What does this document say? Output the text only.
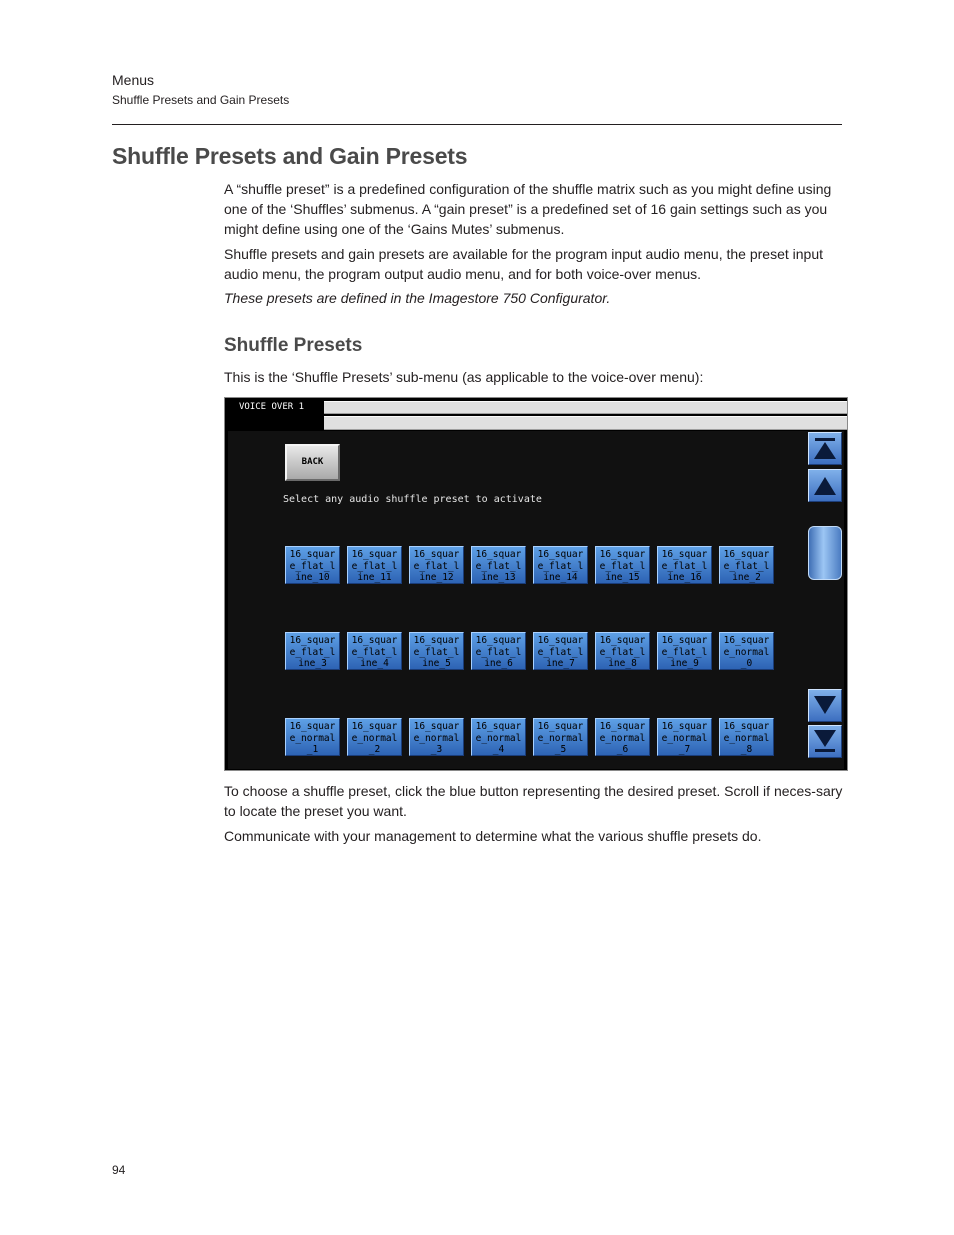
Menus
Shuffle Presets and Gain Presets
Shuffle Presets and Gain Presets

A “shuffle preset” is a predefined configuration of the shuffle matrix such as you might define using one of the ‘Shuffles’ submenus. A “gain preset” is a predefined set of 16 gain settings such as you might define using one of the ‘Gains Mutes’ submenus.

Shuffle presets and gain presets are available for the program input audio menu, the preset input audio menu, the program output audio menu, and for both voice-over menus.

These presets are defined in the Imagestore 750 Configurator.

Shuffle Presets

This is the ‘Shuffle Presets’ sub-menu (as applicable to the voice-over menu):

VOICE OVER 1
BACK
Select any audio shuffle preset to activate
16_squar
e_flat_l
ine_10
16_squar
e_flat_l
ine_11
16_squar
e_flat_l
ine_12
16_squar
e_flat_l
ine_13
16_squar
e_flat_l
ine_14
16_squar
e_flat_l
ine_15
16_squar
e_flat_l
ine_16
16_squar
e_flat_l
ine_2
16_squar
e_flat_l
ine_3
16_squar
e_flat_l
ine_4
16_squar
e_flat_l
ine_5
16_squar
e_flat_l
ine_6
16_squar
e_flat_l
ine_7
16_squar
e_flat_l
ine_8
16_squar
e_flat_l
ine_9
16_squar
e_normal
_0
16_squar
e_normal
_1
16_squar
e_normal
_2
16_squar
e_normal
_3
16_squar
e_normal
_4
16_squar
e_normal
_5
16_squar
e_normal
_6
16_squar
e_normal
_7
16_squar
e_normal
_8

To choose a shuffle preset, click the blue button representing the desired preset. Scroll if neces-sary to locate the preset you want.

Communicate with your management to determine what the various shuffle presets do.

94
